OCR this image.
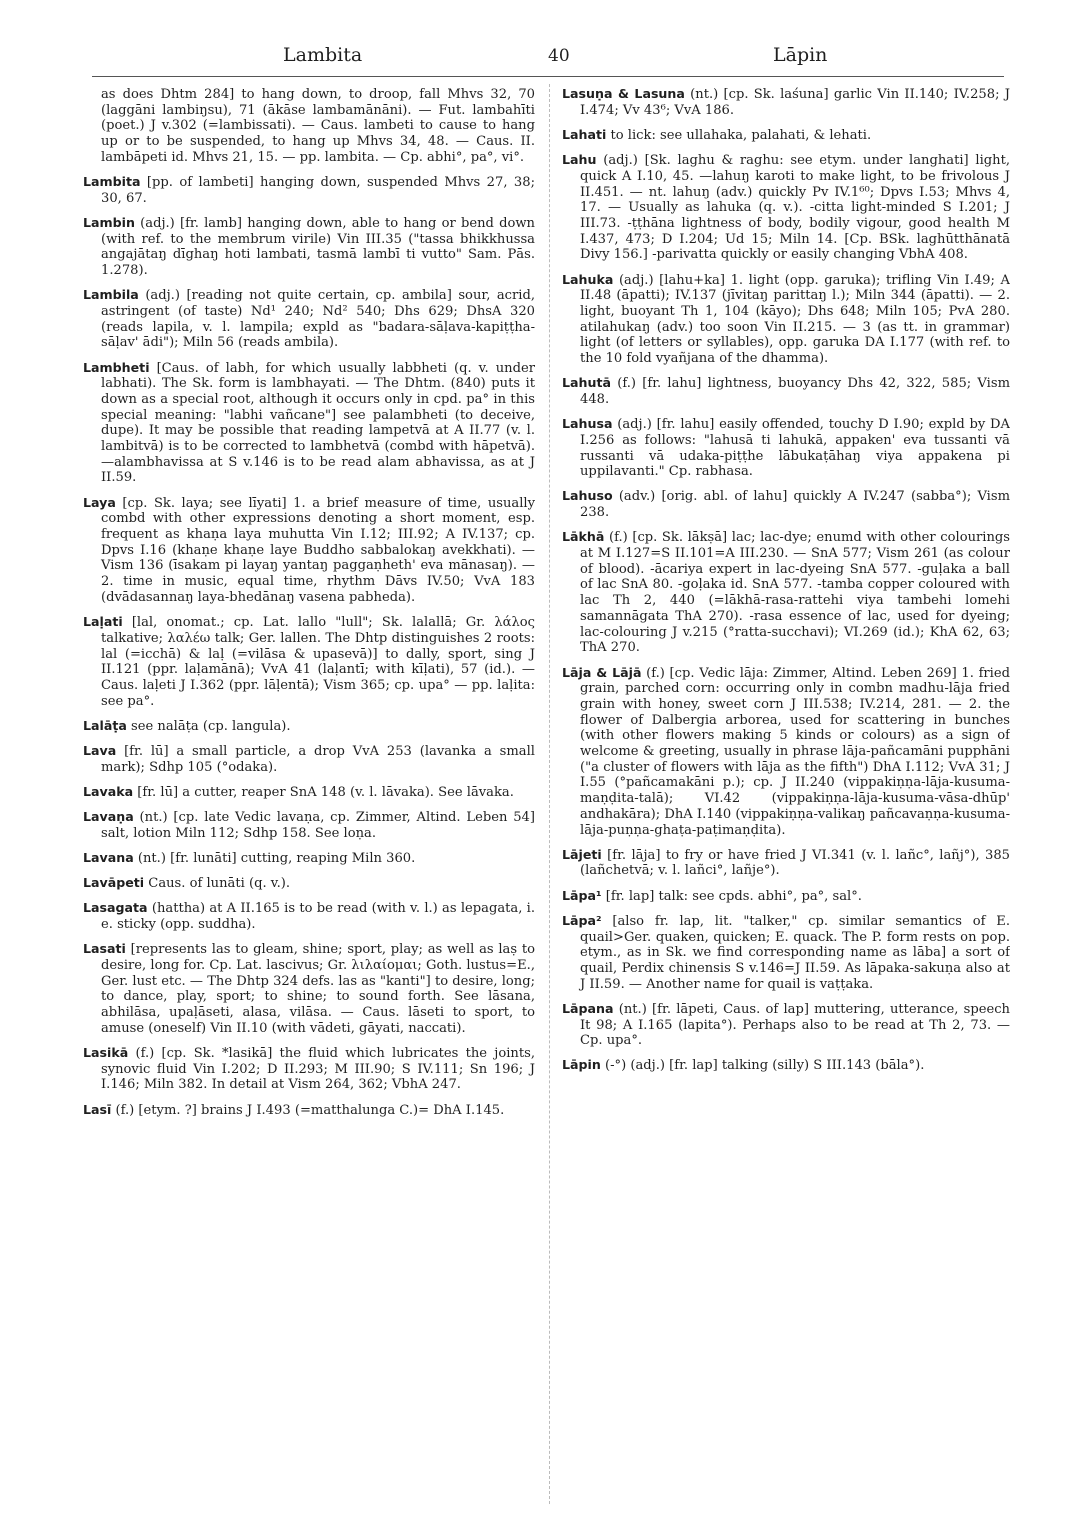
Lambita	40	Lāpin

as does Dhtm 284] to hang down, to droop, fall Mhvs 32, 70 (laggāni lambiŋsu), 71 (ākāse lambamānāni). — Fut. lambahīti (poet.) J v.302 (=lambissati). — Caus. lambeti to cause to hang up or to be suspended, to hang up Mhvs 34, 48. — Caus. II. lambāpeti id. Mhvs 21, 15. — pp. lambita. — Cp. abhi°, pa°, vi°.

Lambita [pp. of lambeti] hanging down, suspended Mhvs 27, 38; 30, 67.

Lambin (adj.) [fr. lamb] hanging down, able to hang or bend down (with ref. to the membrum virile) Vin III.35 ("tassa bhikkhussa angajātaŋ dīghaŋ hoti lambati, tasmā lambī ti vutto" Sam. Pās. 1.278).

Lambila (adj.) [reading not quite certain, cp. ambila] sour, acrid, astringent (of taste) Nd¹ 240; Nd² 540; Dhs 629; DhsA 320 (reads lapila, v. l. lampila; expld as "badara-sāḷava-kapiṭṭha-sāḷav' ādi"); Miln 56 (reads ambila).

Lambheti [Caus. of labh, for which usually labbheti (q. v. under labhati). The Sk. form is lambhayati. — The Dhtm. (840) puts it down as a special root, although it occurs only in cpd. pa° in this special meaning: "labhi vañcane"] see palambheti (to deceive, dupe). It may be possible that reading lampetvā at A II.77 (v. l. lambitvā) is to be corrected to lambhetvā (combd with hāpetvā). —alambhavissa at S v.146 is to be read alam abhavissa, as at J II.59.

Laya [cp. Sk. laya; see līyati] 1. a brief measure of time, usually combd with other expressions denoting a short moment, esp. frequent as khaṇa laya muhutta Vin I.12; III.92; A IV.137; cp. Dpvs I.16 (khaṇe khaṇe laye Buddho sabbalokaŋ avekkhati). — Vism 136 (īsakam pi layaŋ yantaŋ paggaṇheth' eva mānasaŋ). — 2. time in music, equal time, rhythm Dāvs IV.50; VvA 183 (dvādasannaŋ laya-bhedānaŋ vasena pabheda).

Laḷati [lal, onomat.; cp. Lat. lallo "lull"; Sk. lalallā; Gr. λάλος talkative; λαλέω talk; Ger. lallen. The Dhtp distinguishes 2 roots: lal (=icchā) & laḷ (=vilāsa & upasevā)] to dally, sport, sing J II.121 (ppr. laḷamānā); VvA 41 (laḷantī; with kīḷati), 57 (id.). — Caus. laḷeti J I.362 (ppr. lāḷentā); Vism 365; cp. upa° — pp. laḷita: see pa°.

Lalāṭa see nalāṭa (cp. langula).

Lava [fr. lū] a small particle, a drop VvA 253 (lavanka a small mark); Sdhp 105 (°odaka).

Lavaka [fr. lū] a cutter, reaper SnA 148 (v. l. lāvaka). See lāvaka.

Lavaṇa (nt.) [cp. late Vedic lavaṇa, cp. Zimmer, Altind. Leben 54] salt, lotion Miln 112; Sdhp 158. See loṇa.

Lavana (nt.) [fr. lunāti] cutting, reaping Miln 360.

Lavāpeti Caus. of lunāti (q. v.).

Lasagata (hattha) at A II.165 is to be read (with v. l.) as lepagata, i. e. sticky (opp. suddha).

Lasati [represents las to gleam, shine; sport, play; as well as laṣ to desire, long for. Cp. Lat. lascivus; Gr. λιλαίομαι; Goth. lustus=E., Ger. lust etc. — The Dhtp 324 defs. las as "kanti"] to desire, long; to dance, play, sport; to shine; to sound forth. See lāsana, abhilāsa, upaḷāseti, alasa, vilāsa. — Caus. lāseti to sport, to amuse (oneself) Vin II.10 (with vādeti, gāyati, naccati).

Lasikā (f.) [cp. Sk. *lasikā] the fluid which lubricates the joints, synovic fluid Vin I.202; D II.293; M III.90; S IV.111; Sn 196; J I.146; Miln 382. In detail at Vism 264, 362; VbhA 247.

Lasī (f.) [etym. ?] brains J I.493 (=matthalunga C.)= DhA I.145.

Lasuṇa & Lasuna (nt.) [cp. Sk. laśuna] garlic Vin II.140; IV.258; J I.474; Vv 43⁶; VvA 186.

Lahati to lick: see ullahaka, palahati, & lehati.

Lahu (adj.) [Sk. laghu & raghu: see etym. under langhati] light, quick A I.10, 45. —lahuŋ karoti to make light, to be frivolous J II.451. — nt. lahuŋ (adv.) quickly Pv IV.1⁶⁰; Dpvs I.53; Mhvs 4, 17. — Usually as lahuka (q. v.). -citta light-minded S I.201; J III.73. -ṭṭhāna lightness of body, bodily vigour, good health M I.437, 473; D I.204; Ud 15; Miln 14. [Cp. BSk. laghūtthānatā Divy 156.] -parivatta quickly or easily changing VbhA 408.

Lahuka (adj.) [lahu+ka] 1. light (opp. garuka); trifling Vin I.49; A II.48 (āpatti); IV.137 (jīvitaŋ parittaŋ l.); Miln 344 (āpatti). — 2. light, buoyant Th 1, 104 (kāyo); Dhs 648; Miln 105; PvA 280. atilahukaŋ (adv.) too soon Vin II.215. — 3 (as tt. in grammar) light (of letters or syllables), opp. garuka DA I.177 (with ref. to the 10 fold vyañjana of the dhamma).

Lahutā (f.) [fr. lahu] lightness, buoyancy Dhs 42, 322, 585; Vism 448.

Lahusa (adj.) [fr. lahu] easily offended, touchy D I.90; expld by DA I.256 as follows: "lahusā ti lahukā, appaken' eva tussanti vā russanti vā udaka-piṭṭhe lābukaṭāhaŋ viya appakena pi uppilavanti." Cp. rabhasa.

Lahuso (adv.) [orig. abl. of lahu] quickly A IV.247 (sabba°); Vism 238.

Lākhā (f.) [cp. Sk. lākṣā] lac; lac-dye; enumd with other colourings at M I.127=S II.101=A III.230. — SnA 577; Vism 261 (as colour of blood). -ācariya expert in lac-dyeing SnA 577. -guḷaka a ball of lac SnA 80. -goḷaka id. SnA 577. -tamba copper coloured with lac Th 2, 440 (=lākhā-rasa-rattehi viya tambehi lomehi samannāgata ThA 270). -rasa essence of lac, used for dyeing; lac-colouring J v.215 (°ratta-succhavi); VI.269 (id.); KhA 62, 63; ThA 270.

Lāja & Lājā (f.) [cp. Vedic lāja: Zimmer, Altind. Leben 269] 1. fried grain, parched corn: occurring only in combn madhu-lāja fried grain with honey, sweet corn J III.538; IV.214, 281. — 2. the flower of Dalbergia arborea, used for scattering in bunches (with other flowers making 5 kinds or colours) as a sign of welcome & greeting, usually in phrase lāja-pañcamāni pupphāni ("a cluster of flowers with lāja as the fifth") DhA I.112; VvA 31; J I.55 (°pañcamakāni p.); cp. J II.240 (vippakiṇṇa-lāja-kusuma-maṇḍita-talā); VI.42 (vippakiṇṇa-lāja-kusuma-vāsa-dhūp' andhakāra); DhA I.140 (vippakiṇṇa-valikaŋ pañcavaṇṇa-kusuma-lāja-puṇṇa-ghaṭa-paṭimaṇḍita).

Lājeti [fr. lāja] to fry or have fried J VI.341 (v. l. lañc°, lañj°), 385 (lañchetvā; v. l. lañci°, lañje°).

Lāpa¹ [fr. lap] talk: see cpds. abhi°, pa°, sal°.

Lāpa² [also fr. lap, lit. "talker," cp. similar semantics of E. quail>Ger. quaken, quicken; E. quack. The P. form rests on pop. etym., as in Sk. we find corresponding name as lāba] a sort of quail, Perdix chinensis S v.146=J II.59. As lāpaka-sakuṇa also at J II.59. — Another name for quail is vaṭṭaka.

Lāpana (nt.) [fr. lāpeti, Caus. of lap] muttering, utterance, speech It 98; A I.165 (lapita°). Perhaps also to be read at Th 2, 73. — Cp. upa°.

Lāpin (-°) (adj.) [fr. lap] talking (silly) S III.143 (bāla°).
